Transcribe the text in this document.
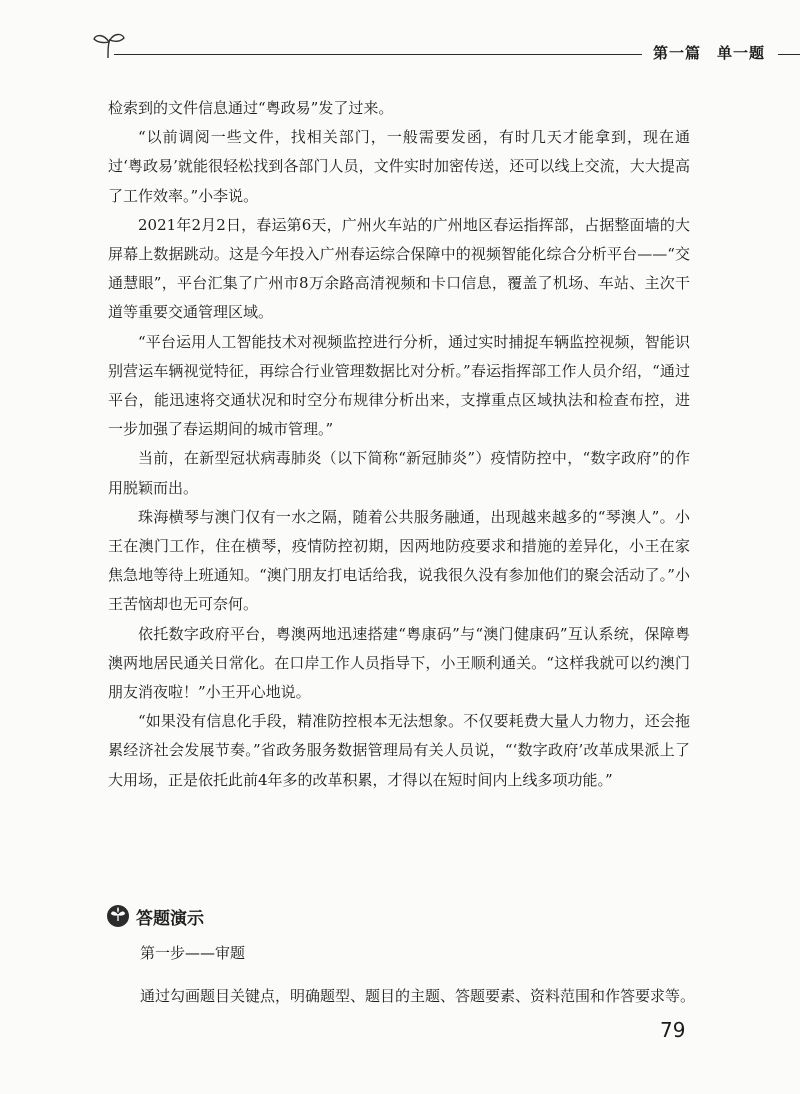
第一篇　单一题

检索到的文件信息通过“粤政易”发了过来。

“以前调阅一些文件，找相关部门，一般需要发函，有时几天才能拿到，现在通过‘粤政易’就能很轻松找到各部门人员，文件实时加密传送，还可以线上交流，大大提高了工作效率。”小李说。

2021年2月2日，春运第6天，广州火车站的广州地区春运指挥部，占据整面墙的大屏幕上数据跳动。这是今年投入广州春运综合保障中的视频智能化综合分析平台——“交通慧眼”，平台汇集了广州市8万余路高清视频和卡口信息，覆盖了机场、车站、主次干道等重要交通管理区域。

“平台运用人工智能技术对视频监控进行分析，通过实时捕捉车辆监控视频，智能识别营运车辆视觉特征，再综合行业管理数据比对分析。”春运指挥部工作人员介绍，“通过平台，能迅速将交通状况和时空分布规律分析出来，支撑重点区域执法和检查布控，进一步加强了春运期间的城市管理。”

当前，在新型冠状病毒肺炎（以下简称“新冠肺炎”）疫情防控中，“数字政府”的作用脱颖而出。

珠海横琴与澳门仅有一水之隔，随着公共服务融通，出现越来越多的“琴澳人”。小王在澳门工作，住在横琴，疫情防控初期，因两地防疫要求和措施的差异化，小王在家焦急地等待上班通知。“澳门朋友打电话给我，说我很久没有参加他们的聚会活动了。”小王苦恼却也无可奈何。

依托数字政府平台，粤澳两地迅速搭建“粤康码”与“澳门健康码”互认系统，保障粤澳两地居民通关日常化。在口岸工作人员指导下，小王顺利通关。“这样我就可以约澳门朋友消夜啦！”小王开心地说。

“如果没有信息化手段，精准防控根本无法想象。不仅要耗费大量人力物力，还会拖累经济社会发展节奏。”省政务服务数据管理局有关人员说，“‘数字政府’改革成果派上了大用场，正是依托此前4年多的改革积累，才得以在短时间内上线多项功能。”

答题演示
第一步——审题
通过勾画题目关键点，明确题型、题目的主题、答题要素、资料范围和作答要求等。
79
